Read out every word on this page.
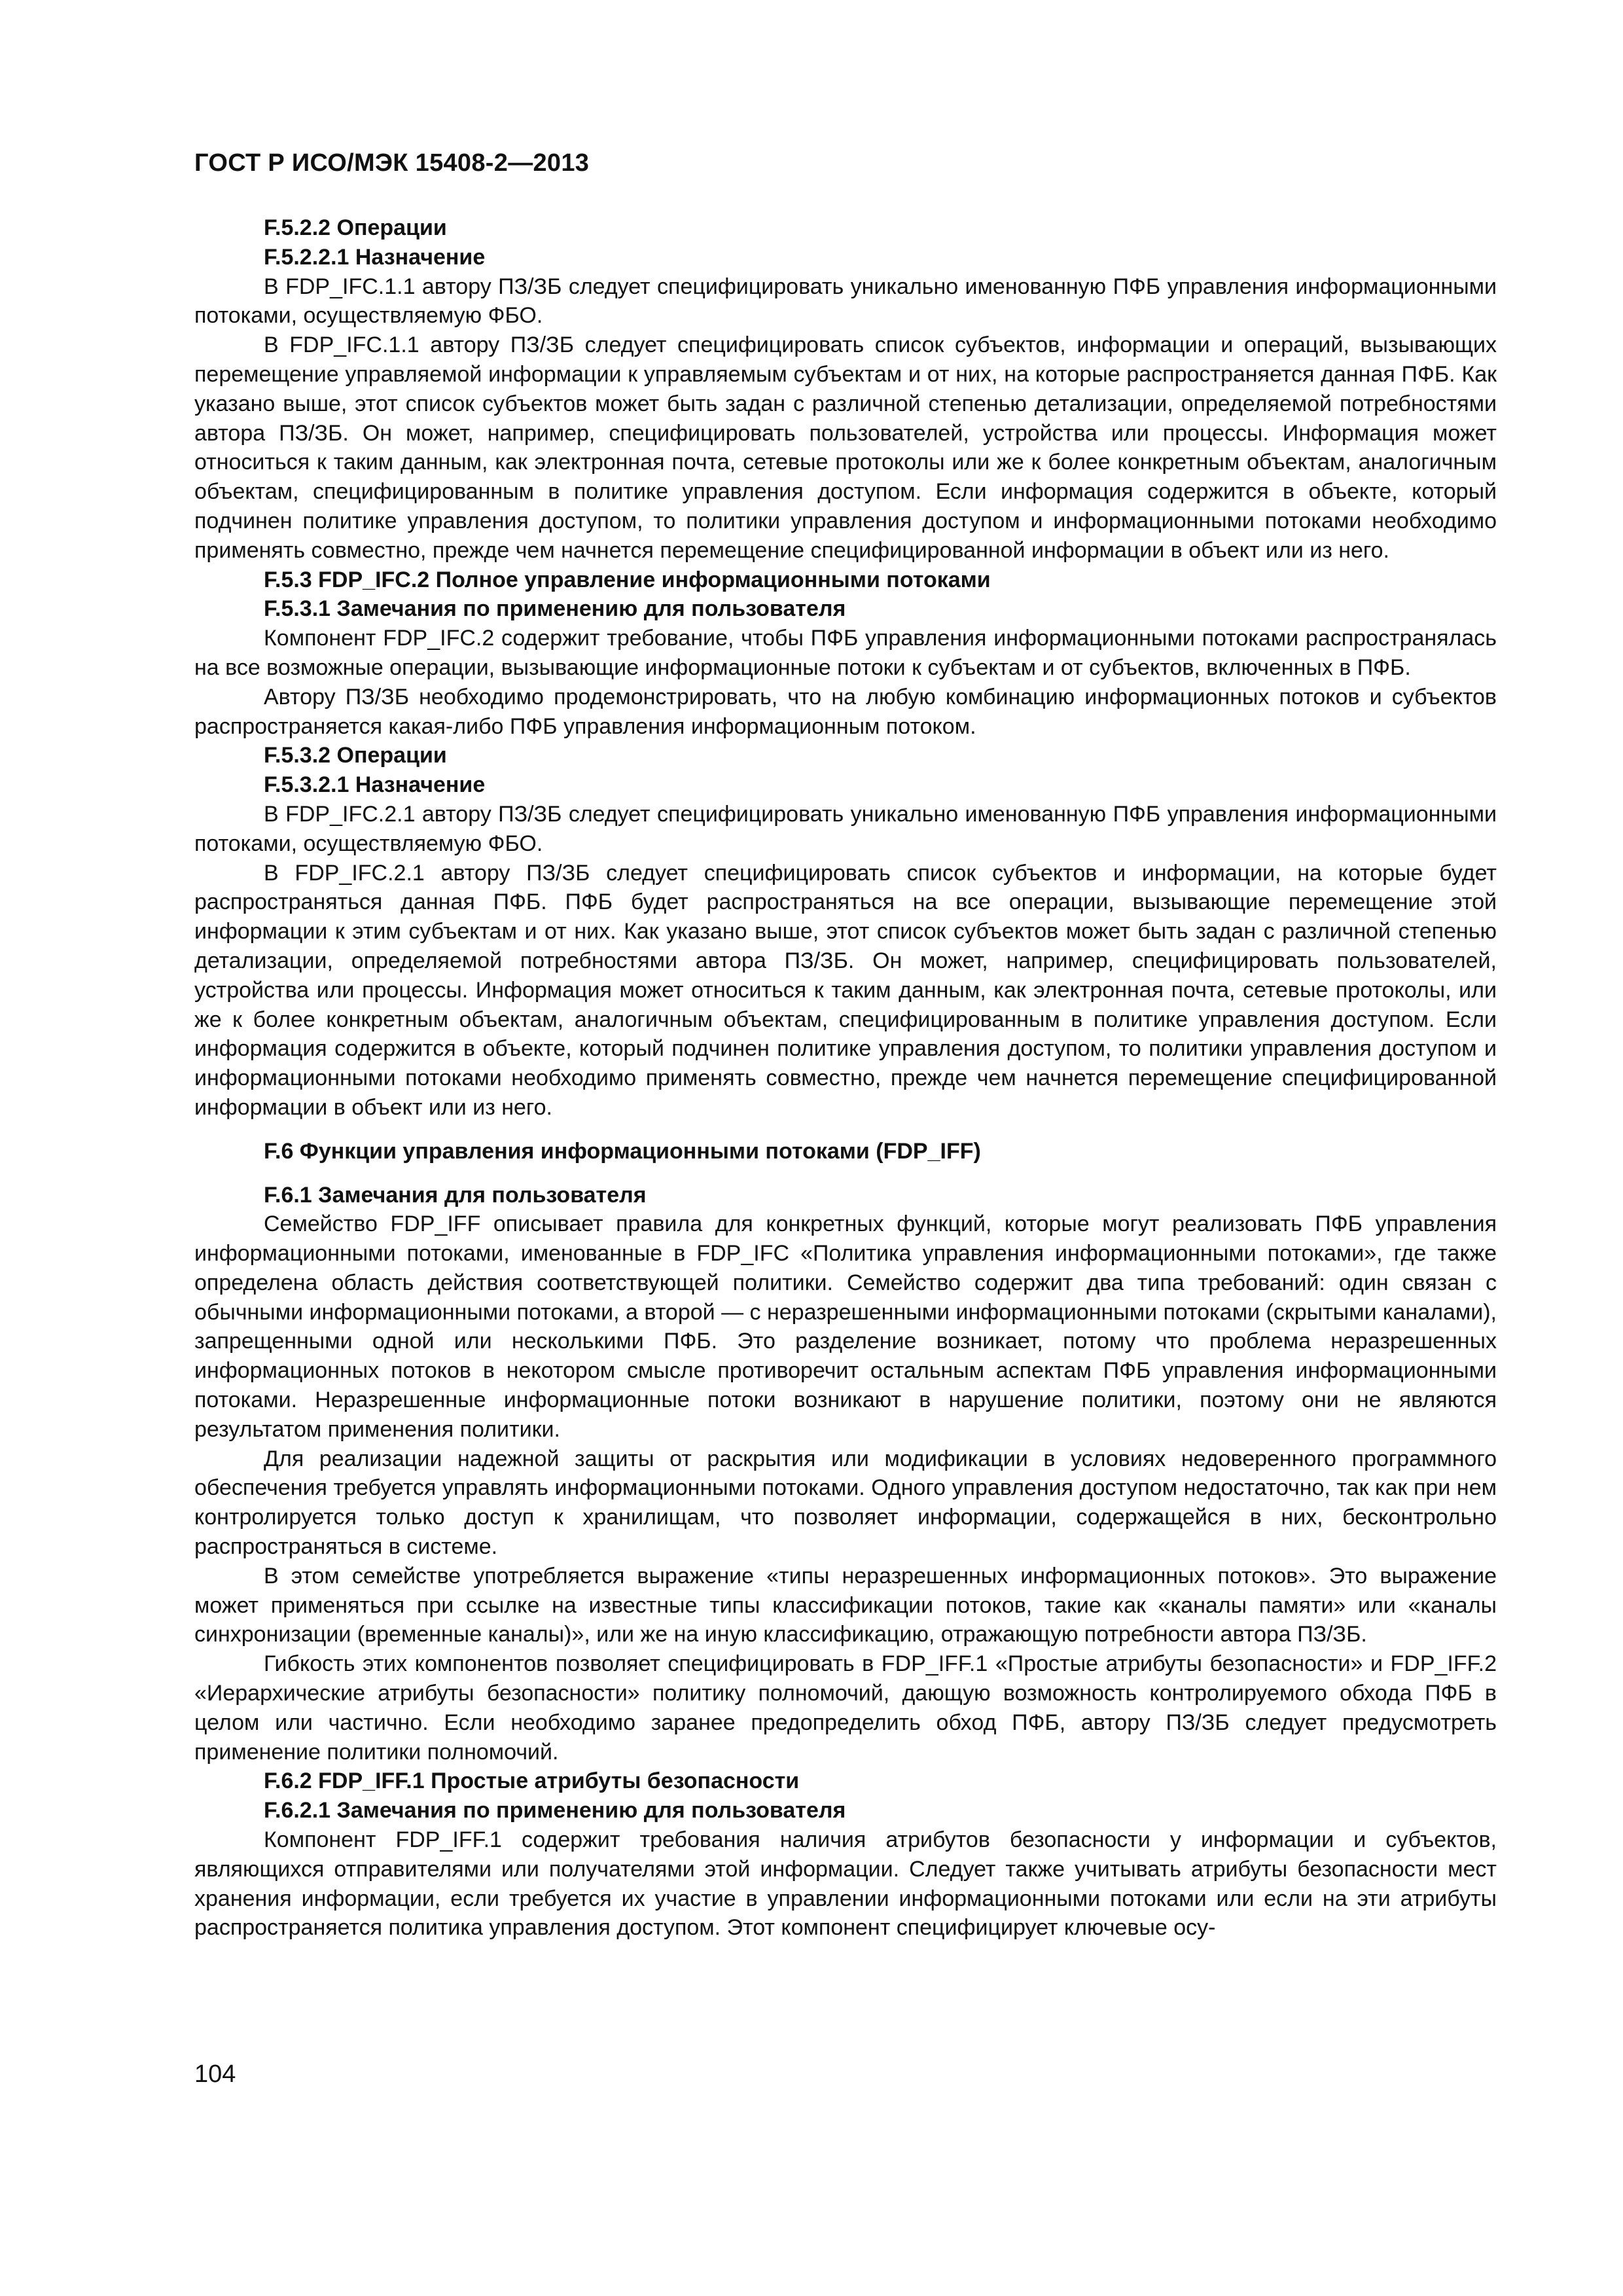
ГОСТ Р ИСО/МЭК 15408-2—2013
F.5.2.2 Операции
F.5.2.2.1 Назначение

В FDP_IFC.1.1 автору ПЗ/ЗБ следует специфицировать уникально именованную ПФБ управления информационными потоками, осуществляемую ФБО.

В FDP_IFC.1.1 автору ПЗ/ЗБ следует специфицировать список субъектов, информации и операций, вызывающих перемещение управляемой информации к управляемым субъектам и от них, на которые распространяется данная ПФБ. Как указано выше, этот список субъектов может быть задан с различной степенью детализации, определяемой потребностями автора ПЗ/ЗБ. Он может, например, специфицировать пользователей, устройства или процессы. Информация может относиться к таким данным, как электронная почта, сетевые протоколы или же к более конкретным объектам, аналогичным объектам, специфицированным в политике управления доступом. Если информация содержится в объекте, который подчинен политике управления доступом, то политики управления доступом и информационными потоками необходимо применять совместно, прежде чем начнется перемещение специфицированной информации в объект или из него.

F.5.3 FDP_IFC.2 Полное управление информационными потоками
F.5.3.1 Замечания по применению для пользователя

Компонент FDP_IFC.2 содержит требование, чтобы ПФБ управления информационными потоками распространялась на все возможные операции, вызывающие информационные потоки к субъектам и от субъектов, включенных в ПФБ.

Автору ПЗ/ЗБ необходимо продемонстрировать, что на любую комбинацию информационных потоков и субъектов распространяется какая-либо ПФБ управления информационным потоком.

F.5.3.2 Операции
F.5.3.2.1 Назначение

В FDP_IFC.2.1 автору ПЗ/ЗБ следует специфицировать уникально именованную ПФБ управления информационными потоками, осуществляемую ФБО.

В FDP_IFC.2.1 автору ПЗ/ЗБ следует специфицировать список субъектов и информации, на которые будет распространяться данная ПФБ. ПФБ будет распространяться на все операции, вызывающие перемещение этой информации к этим субъектам и от них. Как указано выше, этот список субъектов может быть задан с различной степенью детализации, определяемой потребностями автора ПЗ/ЗБ. Он может, например, специфицировать пользователей, устройства или процессы. Информация может относиться к таким данным, как электронная почта, сетевые протоколы, или же к более конкретным объектам, аналогичным объектам, специфицированным в политике управления доступом. Если информация содержится в объекте, который подчинен политике управления доступом, то политики управления доступом и информационными потоками необходимо применять совместно, прежде чем начнется перемещение специфицированной информации в объект или из него.

F.6 Функции управления информационными потоками (FDP_IFF)
F.6.1 Замечания для пользователя

Семейство FDP_IFF описывает правила для конкретных функций, которые могут реализовать ПФБ управления информационными потоками, именованные в FDP_IFC «Политика управления информационными потоками», где также определена область действия соответствующей политики. Семейство содержит два типа требований: один связан с обычными информационными потоками, а второй — с неразрешенными информационными потоками (скрытыми каналами), запрещенными одной или несколькими ПФБ. Это разделение возникает, потому что проблема неразрешенных информационных потоков в некотором смысле противоречит остальным аспектам ПФБ управления информационными потоками. Неразрешенные информационные потоки возникают в нарушение политики, поэтому они не являются результатом применения политики.

Для реализации надежной защиты от раскрытия или модификации в условиях недоверенного программного обеспечения требуется управлять информационными потоками. Одного управления доступом недостаточно, так как при нем контролируется только доступ к хранилищам, что позволяет информации, содержащейся в них, бесконтрольно распространяться в системе.

В этом семействе употребляется выражение «типы неразрешенных информационных потоков». Это выражение может применяться при ссылке на известные типы классификации потоков, такие как «каналы памяти» или «каналы синхронизации (временные каналы)», или же на иную классификацию, отражающую потребности автора ПЗ/ЗБ.

Гибкость этих компонентов позволяет специфицировать в FDP_IFF.1 «Простые атрибуты безопасности» и FDP_IFF.2 «Иерархические атрибуты безопасности» политику полномочий, дающую возможность контролируемого обхода ПФБ в целом или частично. Если необходимо заранее предопределить обход ПФБ, автору ПЗ/ЗБ следует предусмотреть применение политики полномочий.

F.6.2 FDP_IFF.1 Простые атрибуты безопасности
F.6.2.1 Замечания по применению для пользователя

Компонент FDP_IFF.1 содержит требования наличия атрибутов безопасности у информации и субъектов, являющихся отправителями или получателями этой информации. Следует также учитывать атрибуты безопасности мест хранения информации, если требуется их участие в управлении информационными потоками или если на эти атрибуты распространяется политика управления доступом. Этот компонент специфицирует ключевые осу-

104
